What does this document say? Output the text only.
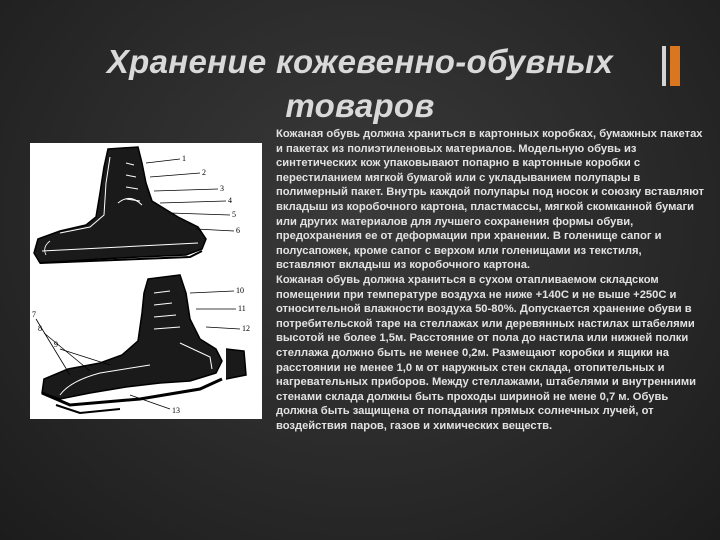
Хранение кожевенно-обувных товаров
1
2
3
4
5
6
7
8
9
10
11
12
13

Кожаная обувь должна храниться в картонных коробках, бумажных пакетах и пакетах из полиэтиленовых материалов. Модельную обувь из синтетических кож упаковывают попарно в картонные коробки с перестиланием мягкой бумагой или с укладыванием полупары в полимерный пакет. Внутрь каждой полупары под носок и союзку вставляют вкладыш из коробочного картона, пластмассы, мягкой скомканной бумаги или других материалов для лучшего сохранения формы обуви, предохранения ее от деформации при хранении. В голенище сапог и полусапожек, кроме сапог с верхом или голенищами из текстиля, вставляют вкладыш из коробочного картона.

Кожаная обувь должна храниться в сухом отапливаемом складском помещении при температуре воздуха не ниже +140С и не выше +250С и относительной влажности воздуха 50-80%. Допускается хранение обуви в потребительской таре на стеллажах или деревянных настилах штабелями высотой не более 1,5м. Расстояние от пола до настила или нижней полки стеллажа должно быть не менее 0,2м. Размещают коробки и ящики на расстоянии не менее 1,0 м от наружных стен склада, отопительных и нагревательных приборов. Между стеллажами, штабелями и внутренними стенами склада должны быть проходы шириной не мене 0,7 м. Обувь должна быть защищена от попадания прямых солнечных лучей, от воздействия паров, газов и химических веществ.
